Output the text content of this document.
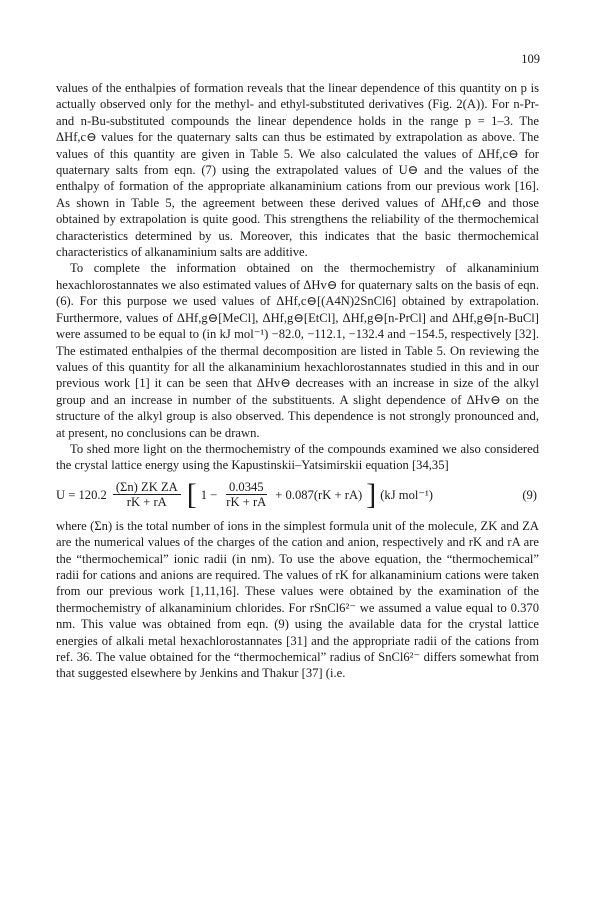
109

values of the enthalpies of formation reveals that the linear dependence of this quantity on p is actually observed only for the methyl- and ethyl-substituted derivatives (Fig. 2(A)). For n-Pr- and n-Bu-substituted compounds the linear dependence holds in the range p = 1–3. The ΔHf,c⊖ values for the quaternary salts can thus be estimated by extrapolation as above. The values of this quantity are given in Table 5. We also calculated the values of ΔHf,c⊖ for quaternary salts from eqn. (7) using the extrapolated values of U⊖ and the values of the enthalpy of formation of the appropriate alkanaminium cations from our previous work [16]. As shown in Table 5, the agreement between these derived values of ΔHf,c⊖ and those obtained by extrapolation is quite good. This strengthens the reliability of the thermochemical characteristics determined by us. Moreover, this indicates that the basic thermochemical characteristics of alkanaminium salts are additive.

To complete the information obtained on the thermochemistry of alkanaminium hexachlorostannates we also estimated values of ΔHv⊖ for quaternary salts on the basis of eqn. (6). For this purpose we used values of ΔHf,c⊖[(A4N)2SnCl6] obtained by extrapolation. Furthermore, values of ΔHf,g⊖[MeCl], ΔHf,g⊖[EtCl], ΔHf,g⊖[n-PrCl] and ΔHf,g⊖[n-BuCl] were assumed to be equal to (in kJ mol⁻¹) −82.0, −112.1, −132.4 and −154.5, respectively [32]. The estimated enthalpies of the thermal decomposition are listed in Table 5. On reviewing the values of this quantity for all the alkanaminium hexachlorostannates studied in this and in our previous work [1] it can be seen that ΔHv⊖ decreases with an increase in size of the alkyl group and an increase in number of the substituents. A slight dependence of ΔHv⊖ on the structure of the alkyl group is also observed. This dependence is not strongly pronounced and, at present, no conclusions can be drawn.

To shed more light on the thermochemistry of the compounds examined we also considered the crystal lattice energy using the Kapustinskii–Yatsimirskii equation [34,35]

$U = 120.2 \frac{\text{(Σn) ZK ZA}}{rK + rA}$ [ $1 - \frac{0.0345}{rK + rA} + 0.087(rK + rA)$ ] (kJ mol⁻¹)	(9)

where (Σn) is the total number of ions in the simplest formula unit of the molecule, ZK and ZA are the numerical values of the charges of the cation and anion, respectively and rK and rA are the “thermochemical” ionic radii (in nm). To use the above equation, the “thermochemical” radii for cations and anions are required. The values of rK for alkanaminium cations were taken from our previous work [1,11,16]. These values were obtained by the examination of the thermochemistry of alkanaminium chlorides. For rSnCl6²⁻ we assumed a value equal to 0.370 nm. This value was obtained from eqn. (9) using the available data for the crystal lattice energies of alkali metal hexachlorostannates [31] and the appropriate radii of the cations from ref. 36. The value obtained for the “thermochemical” radius of SnCl6²⁻ differs somewhat from that suggested elsewhere by Jenkins and Thakur [37] (i.e.
